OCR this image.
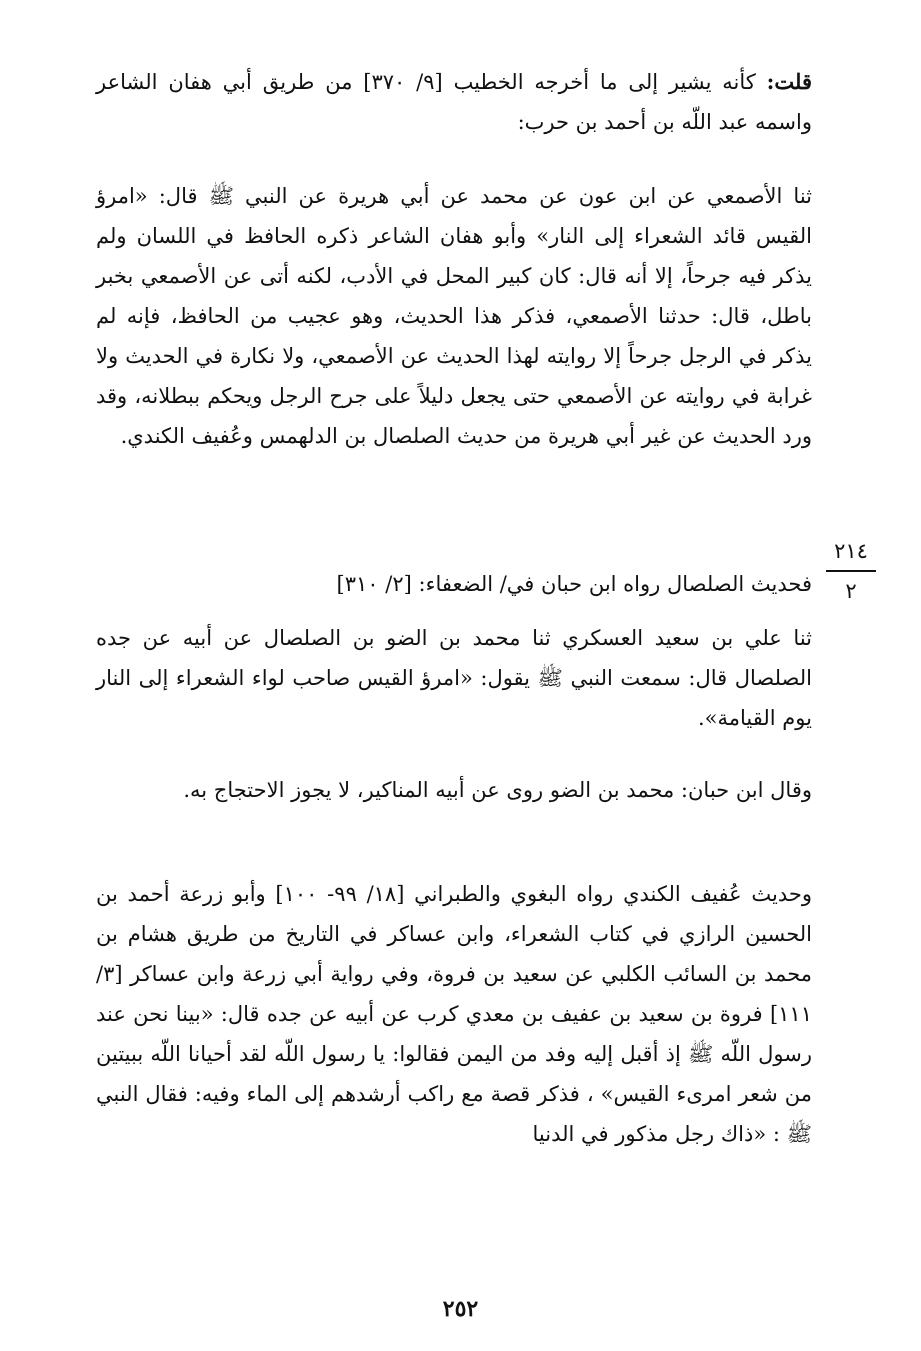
قلت: كأنه يشير إلى ما أخرجه الخطيب [٩/ ٣٧٠] من طريق أبي هفان الشاعر واسمه عبد اللّه بن أحمد بن حرب:

ثنا الأصمعي عن ابن عون عن محمد عن أبي هريرة عن النبي ﷺ قال: «امرؤ القيس قائد الشعراء إلى النار» وأبو هفان الشاعر ذكره الحافظ في اللسان ولم يذكر فيه جرحاً، إلا أنه قال: كان كبير المحل في الأدب، لكنه أتى عن الأصمعي بخبر باطل، قال: حدثنا الأصمعي، فذكر هذا الحديث، وهو عجيب من الحافظ، فإنه لم يذكر في الرجل جرحاً إلا روايته لهذا الحديث عن الأصمعي، ولا نكارة في الحديث ولا غرابة في روايته عن الأصمعي حتى يجعل دليلاً على جرح الرجل ويحكم ببطلانه، وقد ورد الحديث عن غير أبي هريرة من حديث الصلصال بن الدلهمس وعُفيف الكندي.

فحديث الصلصال رواه ابن حبان في/ الضعفاء: [٢/ ٣١٠]

ثنا علي بن سعيد العسكري ثنا محمد بن الضو بن الصلصال عن أبيه عن جده الصلصال قال: سمعت النبي ﷺ يقول: «امرؤ القيس صاحب لواء الشعراء إلى النار يوم القيامة».

وقال ابن حبان: محمد بن الضو روى عن أبيه المناكير، لا يجوز الاحتجاج به.

وحديث عُفيف الكندي رواه البغوي والطبراني [١٨/ ٩٩- ١٠٠] وأبو زرعة أحمد بن الحسين الرازي في كتاب الشعراء، وابن عساكر في التاريخ من طريق هشام بن محمد بن السائب الكلبي عن سعيد بن فروة، وفي رواية أبي زرعة وابن عساكر [٣/ ١١١] فروة بن سعيد بن عفيف بن معدي كرب عن أبيه عن جده قال: «بينا نحن عند رسول اللّه ﷺ إذ أقبل إليه وفد من اليمن فقالوا: يا رسول اللّه لقد أحيانا اللّه ببيتين من شعر امرىء القيس» ، فذكر قصة مع راكب أرشدهم إلى الماء وفيه: فقال النبي ﷺ : «ذاك رجل مذكور في الدنيا

٢١٤
٢
٢٥٢
